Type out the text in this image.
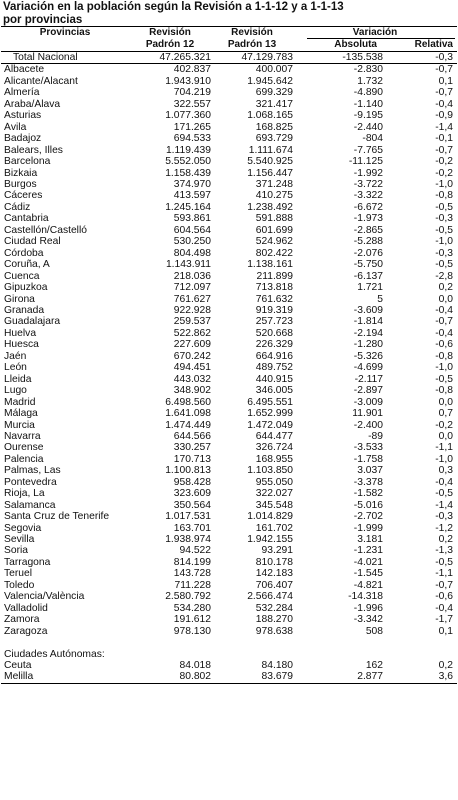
Variación en la población según la Revisión a 1-1-12 y a 1-1-13
por provincias
Provincias	Revisión	Revisión	Variación	

	Padrón 12	Padrón 13	Absoluta	Relativa
Total Nacional	47.265.321	47.129.783	-135.538	-0,3
Albacete	402.837	400.007	-2.830	-0,7
Alicante/Alacant	1.943.910	1.945.642	1.732	0,1
Almería	704.219	699.329	-4.890	-0,7
Araba/Álava	322.557	321.417	-1.140	-0,4
Asturias	1.077.360	1.068.165	-9.195	-0,9
Ávila	171.265	168.825	-2.440	-1,4
Badajoz	694.533	693.729	-804	-0,1
Balears, Illes	1.119.439	1.111.674	-7.765	-0,7
Barcelona	5.552.050	5.540.925	-11.125	-0,2
Bizkaia	1.158.439	1.156.447	-1.992	-0,2
Burgos	374.970	371.248	-3.722	-1,0
Cáceres	413.597	410.275	-3.322	-0,8
Cádiz	1.245.164	1.238.492	-6.672	-0,5
Cantabria	593.861	591.888	-1.973	-0,3
Castellón/Castelló	604.564	601.699	-2.865	-0,5
Ciudad Real	530.250	524.962	-5.288	-1,0
Córdoba	804.498	802.422	-2.076	-0,3
Coruña, A	1.143.911	1.138.161	-5.750	-0,5
Cuenca	218.036	211.899	-6.137	-2,8
Gipuzkoa	712.097	713.818	1.721	0,2
Girona	761.627	761.632	5	0,0
Granada	922.928	919.319	-3.609	-0,4
Guadalajara	259.537	257.723	-1.814	-0,7
Huelva	522.862	520.668	-2.194	-0,4
Huesca	227.609	226.329	-1.280	-0,6
Jaén	670.242	664.916	-5.326	-0,8
León	494.451	489.752	-4.699	-1,0
Lleida	443.032	440.915	-2.117	-0,5
Lugo	348.902	346.005	-2.897	-0,8
Madrid	6.498.560	6.495.551	-3.009	0,0
Málaga	1.641.098	1.652.999	11.901	0,7
Murcia	1.474.449	1.472.049	-2.400	-0,2
Navarra	644.566	644.477	-89	0,0
Ourense	330.257	326.724	-3.533	-1,1
Palencia	170.713	168.955	-1.758	-1,0
Palmas, Las	1.100.813	1.103.850	3.037	0,3
Pontevedra	958.428	955.050	-3.378	-0,4
Rioja, La	323.609	322.027	-1.582	-0,5
Salamanca	350.564	345.548	-5.016	-1,4
Santa Cruz de Tenerife	1.017.531	1.014.829	-2.702	-0,3
Segovia	163.701	161.702	-1.999	-1,2
Sevilla	1.938.974	1.942.155	3.181	0,2
Soria	94.522	93.291	-1.231	-1,3
Tarragona	814.199	810.178	-4.021	-0,5
Teruel	143.728	142.183	-1.545	-1,1
Toledo	711.228	706.407	-4.821	-0,7
Valencia/València	2.580.792	2.566.474	-14.318	-0,6
Valladolid	534.280	532.284	-1.996	-0,4
Zamora	191.612	188.270	-3.342	-1,7
Zaragoza	978.130	978.638	508	0,1

Ciudades Autónomas:				
Ceuta	84.018	84.180	162	0,2
Melilla	80.802	83.679	2.877	3,6
